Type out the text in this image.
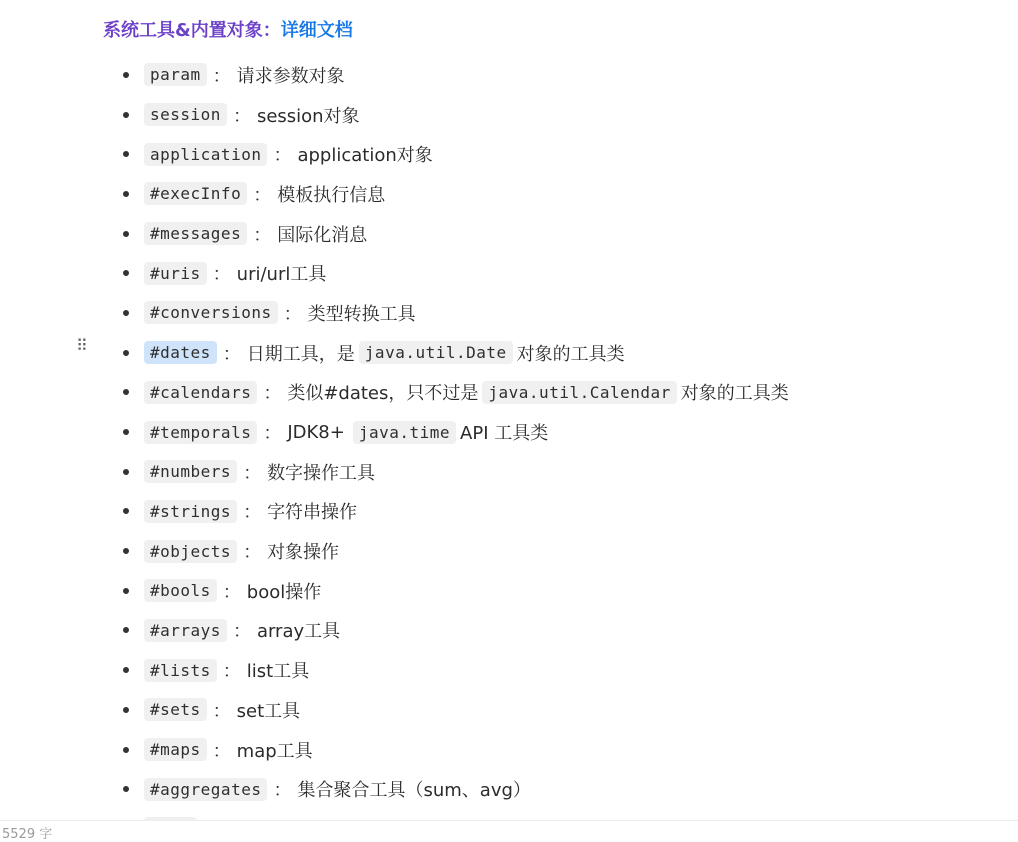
系统工具&内置对象：详细文档
⠿
param ： 请求参数对象
session ： session对象
application ： application对象
#execInfo ： 模板执行信息
#messages ： 国际化消息
#uris ： uri/url工具
#conversions ： 类型转换工具
#dates ： 日期工具，是 java.util.Date 对象的工具类
#calendars ： 类似#dates，只不过是 java.util.Calendar 对象的工具类
#temporals ： JDK8+ java.time API 工具类
#numbers ： 数字操作工具
#strings ： 字符串操作
#objects ： 对象操作
#bools ： bool操作
#arrays ： array工具
#lists ： list工具
#sets ： set工具
#maps ： map工具
#aggregates ： 集合聚合工具（sum、avg）
5529 字
